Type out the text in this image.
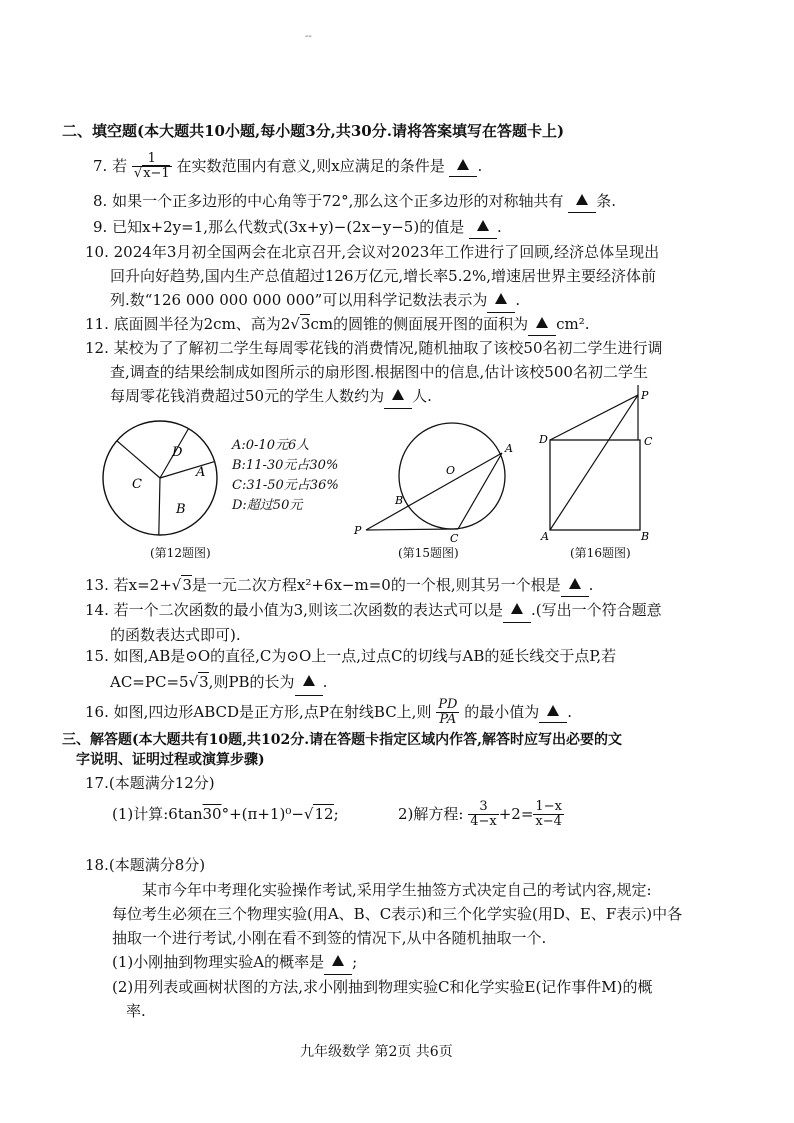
--
二、填空题(本大题共10小题,每小题3分,共30分.请将答案填写在答题卡上)
7. 若 $\frac{1}{√x-1}$ 在实数范围内有意义,则x应满足的条件是 .
8. 如果一个正多边形的中心角等于72°,那么这个正多边形的对称轴共有 条.
9. 已知x+2y=1,那么代数式(3x+y)−(2x−y−5)的值是 .
10. 2024年3月初全国两会在北京召开,会议对2023年工作进行了回顾,经济总体呈现出
回升向好趋势,国内生产总值超过126万亿元,增长率5.2%,增速居世界主要经济体前
列.数“126 000 000 000 000”可以用科学记数法表示为 .
11. 底面圆半径为2cm、高为2√3cm的圆锥的侧面展开图的面积为 cm².
12. 某校为了了解初二学生每周零花钱的消费情况,随机抽取了该校50名初二学生进行调
查,调查的结果绘制成如图所示的扇形图.根据图中的信息,估计该校500名初二学生
每周零花钱消费超过50元的学生人数约为 人.
D
A
C
B
A:0-10元6人
B:11-30元占30%
C:31-50元占36%
D:超过50元
(第12题图)
A
O
B
P
C
(第15题图)
P
D	C
A	B
(第16题图)
13. 若x=2+√3是一元二次方程x²+6x−m=0的一个根,则其另一个根是 .
14. 若一个二次函数的最小值为3,则该二次函数的表达式可以是 .(写出一个符合题意
的函数表达式即可).
15. 如图,AB是⊙O的直径,C为⊙O上一点,过点C的切线与AB的延长线交于点P,若
AC=PC=5√3,则PB的长为 .
16. 如图,四边形ABCD是正方形,点P在射线BC上,则 $\frac{PD}{PA}$ 的最小值为 .
三、解答题(本大题共有10题,共102分.请在答题卡指定区域内作答,解答时应写出必要的文
字说明、证明过程或演算步骤)
17.(本题满分12分)
(1)计算:6tan30°+(π+1)⁰−√12;	2)解方程: $\frac{3}{4-x} +2= \frac{1-x}{x-4}$
18.(本题满分8分)
某市今年中考理化实验操作考试,采用学生抽签方式决定自己的考试内容,规定:
每位考生必须在三个物理实验(用A、B、C表示)和三个化学实验(用D、E、F表示)中各
抽取一个进行考试,小刚在看不到签的情况下,从中各随机抽取一个.
(1)小刚抽到物理实验A的概率是 ;
(2)用列表或画树状图的方法,求小刚抽到物理实验C和化学实验E(记作事件M)的概
率.
九年级数学 第2页 共6页
